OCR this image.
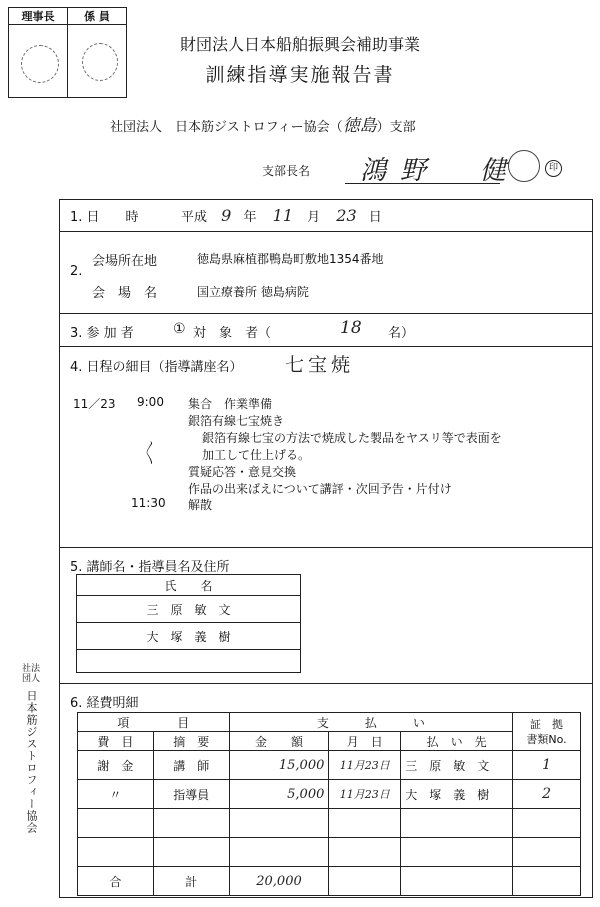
理事長	係 員

財団法人日本船舶振興会補助事業
訓練指導実施報告書
社団法人　日本筋ジストロフィー協会（徳島）支部
支部長名 鴻野　健	印
1. 日　　時	平成 9 年 11 月 23 日
2.
会場所在地	徳島県麻植郡鴨島町敷地1354番地
会　場　名	国立療養所 徳島病院
3. 参 加 者	① 対　象　者（	18 名）
4. 日程の細目（指導講座名） 七宝焼
11／23 9:00 集合　作業準備
銀箔有線七宝焼き
銀箔有線七宝の方法で焼成した製品をヤスリ等で表面を
〱	加工して仕上げる。
質疑応答・意見交換
作品の出来ばえについて講評・次回予告・片付け
11:30 解散
5. 講師名・指導員名及住所
氏　　名
三　原　敏　文
大　塚　義　樹

6. 経費明細
項　　　　目		支　　　払　　　い			証　拠
書類No.
費　目	摘　要	金　　額	月　日	払　い　先	
謝　金	講　師	15,000	11月23日	三　原　敏　文	1
〃	指導員	5,000	11月23日	大　塚　義　樹	2

合	計	20,000			
社法
団人
日本筋ジストロフィー協会
